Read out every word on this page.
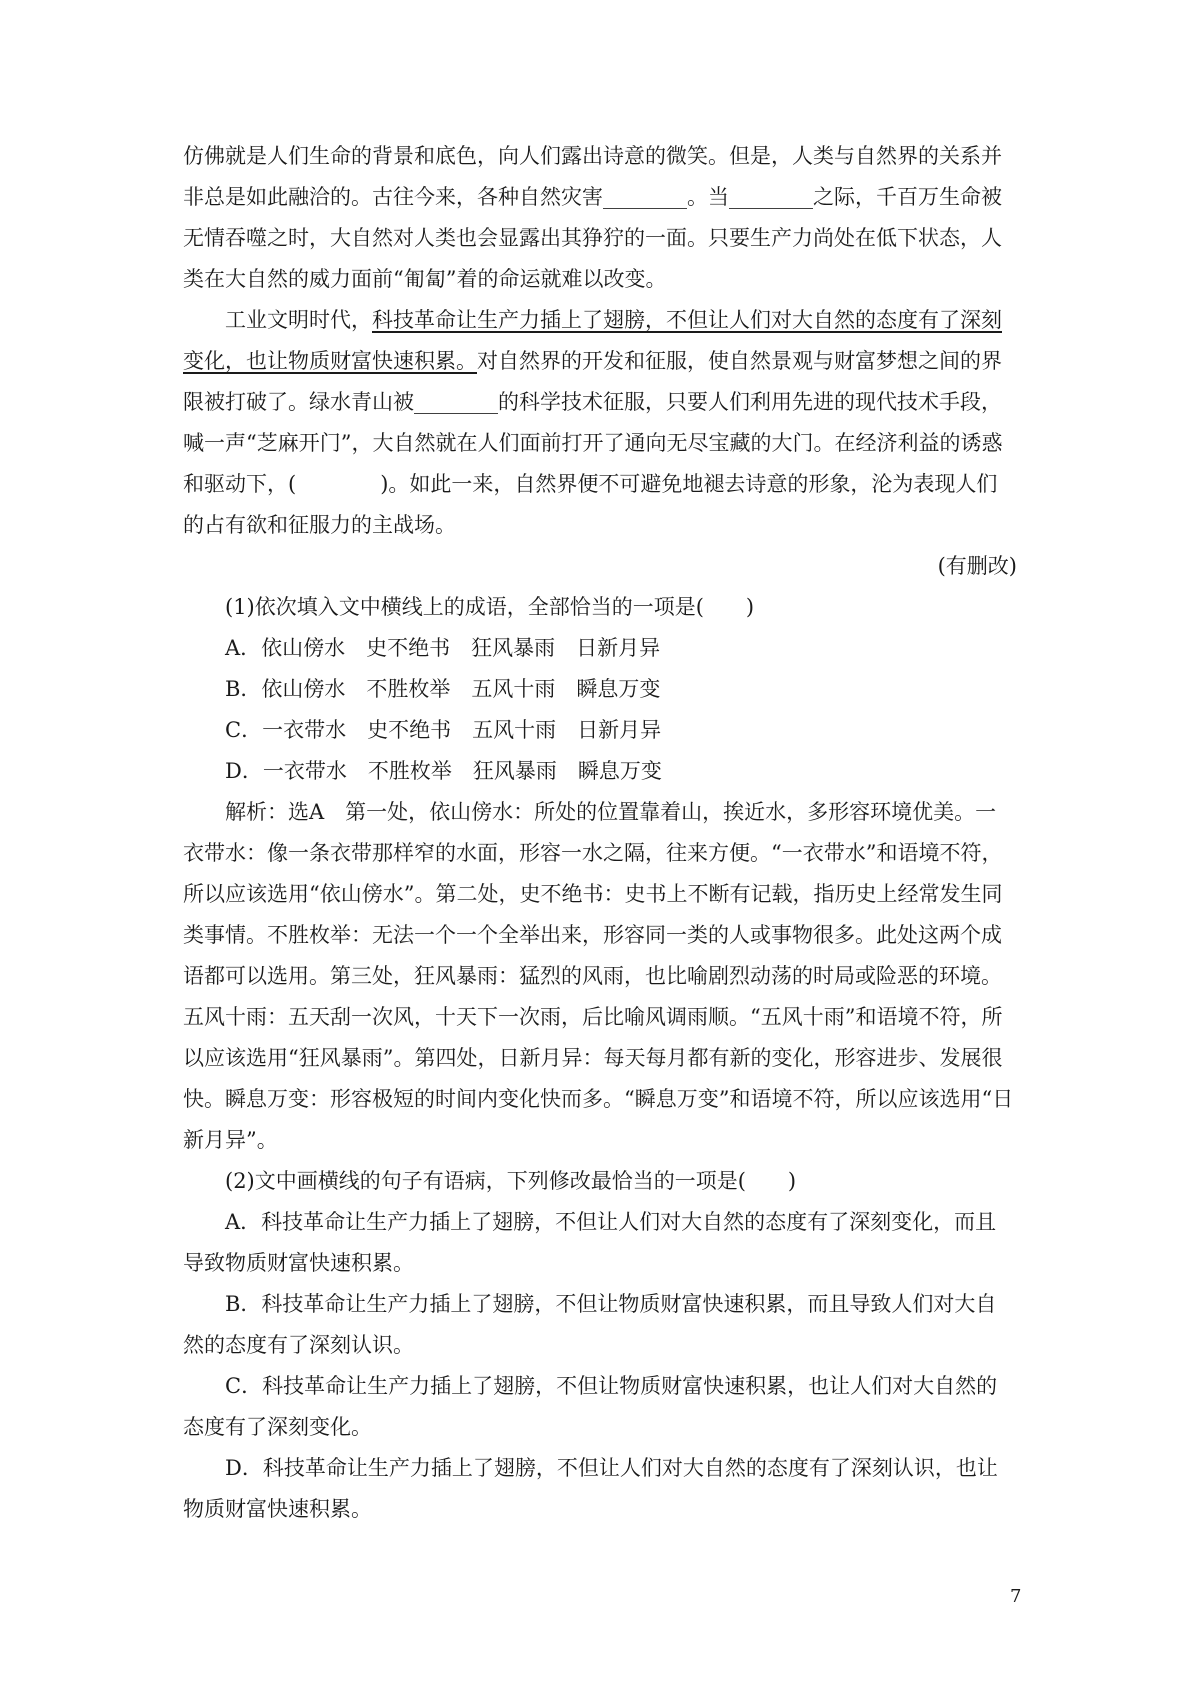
仿佛就是人们生命的背景和底色，向人们露出诗意的微笑。但是，人类与自然界的关系并非总是如此融洽的。古往今来，各种自然灾害________。当________之际，千百万生命被无情吞噬之时，大自然对人类也会显露出其狰狞的一面。只要生产力尚处在低下状态，人类在大自然的威力面前“匍匐”着的命运就难以改变。

工业文明时代，科技革命让生产力插上了翅膀，不但让人们对大自然的态度有了深刻变化，也让物质财富快速积累。对自然界的开发和征服，使自然景观与财富梦想之间的界限被打破了。绿水青山被________的科学技术征服，只要人们利用先进的现代技术手段，喊一声“芝麻开门”，大自然就在人们面前打开了通向无尽宝藏的大门。在经济利益的诱惑和驱动下，(　　　　)。如此一来，自然界便不可避免地褪去诗意的形象，沦为表现人们的占有欲和征服力的主战场。

(有删改)

(1)依次填入文中横线上的成语，全部恰当的一项是(　　)

A．依山傍水　史不绝书　狂风暴雨　日新月异

B．依山傍水　不胜枚举　五风十雨　瞬息万变

C．一衣带水　史不绝书　五风十雨　日新月异

D．一衣带水　不胜枚举　狂风暴雨　瞬息万变

解析：选A　第一处，依山傍水：所处的位置靠着山，挨近水，多形容环境优美。一衣带水：像一条衣带那样窄的水面，形容一水之隔，往来方便。“一衣带水”和语境不符，所以应该选用“依山傍水”。第二处，史不绝书：史书上不断有记载，指历史上经常发生同类事情。不胜枚举：无法一个一个全举出来，形容同一类的人或事物很多。此处这两个成语都可以选用。第三处，狂风暴雨：猛烈的风雨，也比喻剧烈动荡的时局或险恶的环境。五风十雨：五天刮一次风，十天下一次雨，后比喻风调雨顺。“五风十雨”和语境不符，所以应该选用“狂风暴雨”。第四处，日新月异：每天每月都有新的变化，形容进步、发展很快。瞬息万变：形容极短的时间内变化快而多。“瞬息万变”和语境不符，所以应该选用“日新月异”。

(2)文中画横线的句子有语病，下列修改最恰当的一项是(　　)

A．科技革命让生产力插上了翅膀，不但让人们对大自然的态度有了深刻变化，而且导致物质财富快速积累。

B．科技革命让生产力插上了翅膀，不但让物质财富快速积累，而且导致人们对大自然的态度有了深刻认识。

C．科技革命让生产力插上了翅膀，不但让物质财富快速积累，也让人们对大自然的态度有了深刻变化。

D．科技革命让生产力插上了翅膀，不但让人们对大自然的态度有了深刻认识，也让物质财富快速积累。

7
